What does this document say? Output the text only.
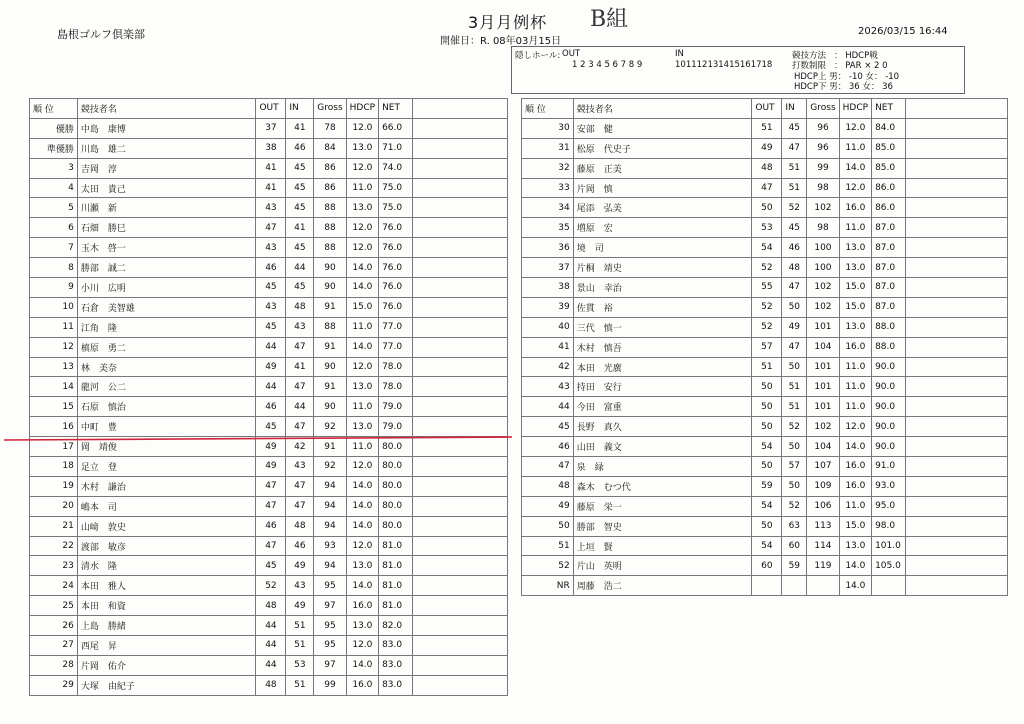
島根ゴルフ倶楽部
3月月例杯 B組
開催日：R. 08年03月15日
2026/03/15 16:44
隠しホール: OUT
1 2 3 4 5 6 7 8 9
IN
101112131415161718
競技方法 ： HDCP戦
打数制限 ： PAR × 2 0
HDCP上 男： -10 女： -10
HDCP下 男： 36 女： 36
順 位	競技者名	OUT	IN	Gross	HDCP	NET	
優勝	中島　康博	37	41	78	12.0	66.0	
準優勝	川島　雄二	38	46	84	13.0	71.0	
3	吉岡　淳	41	45	86	12.0	74.0	
4	太田　貴己	41	45	86	11.0	75.0	
5	川瀬　新	43	45	88	13.0	75.0	
6	石畑　勝巳	47	41	88	12.0	76.0	
7	玉木　啓一	43	45	88	12.0	76.0	
8	勝部　誠二	46	44	90	14.0	76.0	
9	小川　広明	45	45	90	14.0	76.0	
10	石倉　美智雄	43	48	91	15.0	76.0	
11	江角　隆	45	43	88	11.0	77.0	
12	槙原　勇二	44	47	91	14.0	77.0	
13	林　美奈	49	41	90	12.0	78.0	
14	龍河　公二	44	47	91	13.0	78.0	
15	石原　慎治	46	44	90	11.0	79.0	
16	中町　豊	45	47	92	13.0	79.0	
17	岡　靖俊	49	42	91	11.0	80.0	
18	足立　登	49	43	92	12.0	80.0	
19	木村　謙治	47	47	94	14.0	80.0	
20	嶋本　司	47	47	94	14.0	80.0	
21	山﨑　敦史	46	48	94	14.0	80.0	
22	渡部　敏彦	47	46	93	12.0	81.0	
23	清水　隆	45	49	94	13.0	81.0	
24	本田　雅人	52	43	95	14.0	81.0	
25	本田　和資	48	49	97	16.0	81.0	
26	上島　勝緒	44	51	95	13.0	82.0	
27	西尾　昇	44	51	95	12.0	83.0	
28	片岡　佑介	44	53	97	14.0	83.0	
29	大塚　由紀子	48	51	99	16.0	83.0	
順 位	競技者名	OUT	IN	Gross	HDCP	NET	
30	安部　健	51	45	96	12.0	84.0	
31	松原　代史子	49	47	96	11.0	85.0	
32	藤原　正美	48	51	99	14.0	85.0	
33	片岡　慎	47	51	98	12.0	86.0	
34	尾添　弘美	50	52	102	16.0	86.0	
35	増原　宏	53	45	98	11.0	87.0	
36	境　司	54	46	100	13.0	87.0	
37	片桐　靖史	52	48	100	13.0	87.0	
38	景山　幸治	55	47	102	15.0	87.0	
39	佐貫　裕	52	50	102	15.0	87.0	
40	三代　慎一	52	49	101	13.0	88.0	
41	木村　慎吾	57	47	104	16.0	88.0	
42	本田　光廣	51	50	101	11.0	90.0	
43	持田　安行	50	51	101	11.0	90.0	
44	今田　富重	50	51	101	11.0	90.0	
45	長野　真久	50	52	102	12.0	90.0	
46	山田　義文	54	50	104	14.0	90.0	
47	泉　緑	50	57	107	16.0	91.0	
48	森木　むつ代	59	50	109	16.0	93.0	
49	藤原　栄一	54	52	106	11.0	95.0	
50	勝部　智史	50	63	113	15.0	98.0	
51	上垣　賢	54	60	114	13.0	101.0	
52	片山　英明	60	59	119	14.0	105.0	
NR	周藤　浩二				14.0		
